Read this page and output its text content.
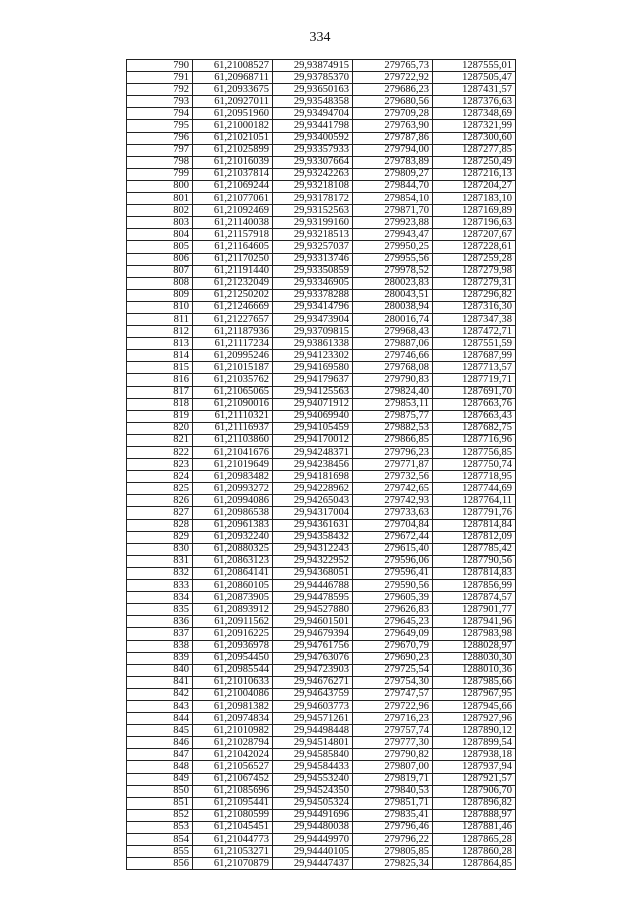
334
790	61,21008527	29,93874915	279765,73	1287555,01
791	61,20968711	29,93785370	279722,92	1287505,47
792	61,20933675	29,93650163	279686,23	1287431,57
793	61,20927011	29,93548358	279680,56	1287376,63
794	61,20951960	29,93494704	279709,28	1287348,69
795	61,21000182	29,93441798	279763,90	1287321,99
796	61,21021051	29,93400592	279787,86	1287300,60
797	61,21025899	29,93357933	279794,00	1287277,85
798	61,21016039	29,93307664	279783,89	1287250,49
799	61,21037814	29,93242263	279809,27	1287216,13
800	61,21069244	29,93218108	279844,70	1287204,27
801	61,21077061	29,93178172	279854,10	1287183,10
802	61,21092469	29,93152563	279871,70	1287169,89
803	61,21140038	29,93199160	279923,88	1287196,63
804	61,21157918	29,93218513	279943,47	1287207,67
805	61,21164605	29,93257037	279950,25	1287228,61
806	61,21170250	29,93313746	279955,56	1287259,28
807	61,21191440	29,93350859	279978,52	1287279,98
808	61,21232049	29,93346905	280023,83	1287279,31
809	61,21250202	29,93378288	280043,51	1287296,82
810	61,21246669	29,93414796	280038,94	1287316,30
811	61,21227657	29,93473904	280016,74	1287347,38
812	61,21187936	29,93709815	279968,43	1287472,71
813	61,21117234	29,93861338	279887,06	1287551,59
814	61,20995246	29,94123302	279746,66	1287687,99
815	61,21015187	29,94169580	279768,08	1287713,57
816	61,21035762	29,94179637	279790,83	1287719,71
817	61,21065065	29,94125563	279824,40	1287691,70
818	61,21090016	29,94071912	279853,11	1287663,76
819	61,21110321	29,94069940	279875,77	1287663,43
820	61,21116937	29,94105459	279882,53	1287682,75
821	61,21103860	29,94170012	279866,85	1287716,96
822	61,21041676	29,94248371	279796,23	1287756,85
823	61,21019649	29,94238456	279771,87	1287750,74
824	61,20983482	29,94181698	279732,56	1287718,95
825	61,20993272	29,94228962	279742,65	1287744,69
826	61,20994086	29,94265043	279742,93	1287764,11
827	61,20986538	29,94317004	279733,63	1287791,76
828	61,20961383	29,94361631	279704,84	1287814,84
829	61,20932240	29,94358432	279672,44	1287812,09
830	61,20880325	29,94312243	279615,40	1287785,42
831	61,20863123	29,94322952	279596,06	1287790,56
832	61,20864141	29,94368051	279596,41	1287814,83
833	61,20860105	29,94446788	279590,56	1287856,99
834	61,20873905	29,94478595	279605,39	1287874,57
835	61,20893912	29,94527880	279626,83	1287901,77
836	61,20911562	29,94601501	279645,23	1287941,96
837	61,20916225	29,94679394	279649,09	1287983,98
838	61,20936978	29,94761756	279670,79	1288028,97
839	61,20954450	29,94763076	279690,23	1288030,30
840	61,20985544	29,94723903	279725,54	1288010,36
841	61,21010633	29,94676271	279754,30	1287985,66
842	61,21004086	29,94643759	279747,57	1287967,95
843	61,20981382	29,94603773	279722,96	1287945,66
844	61,20974834	29,94571261	279716,23	1287927,96
845	61,21010982	29,94498448	279757,74	1287890,12
846	61,21028794	29,94514801	279777,30	1287899,54
847	61,21042024	29,94585840	279790,82	1287938,18
848	61,21056527	29,94584433	279807,00	1287937,94
849	61,21067452	29,94553240	279819,71	1287921,57
850	61,21085696	29,94524350	279840,53	1287906,70
851	61,21095441	29,94505324	279851,71	1287896,82
852	61,21080599	29,94491696	279835,41	1287888,97
853	61,21045451	29,94480038	279796,46	1287881,46
854	61,21044773	29,94449970	279796,22	1287865,28
855	61,21053271	29,94440105	279805,85	1287860,28
856	61,21070879	29,94447437	279825,34	1287864,85
